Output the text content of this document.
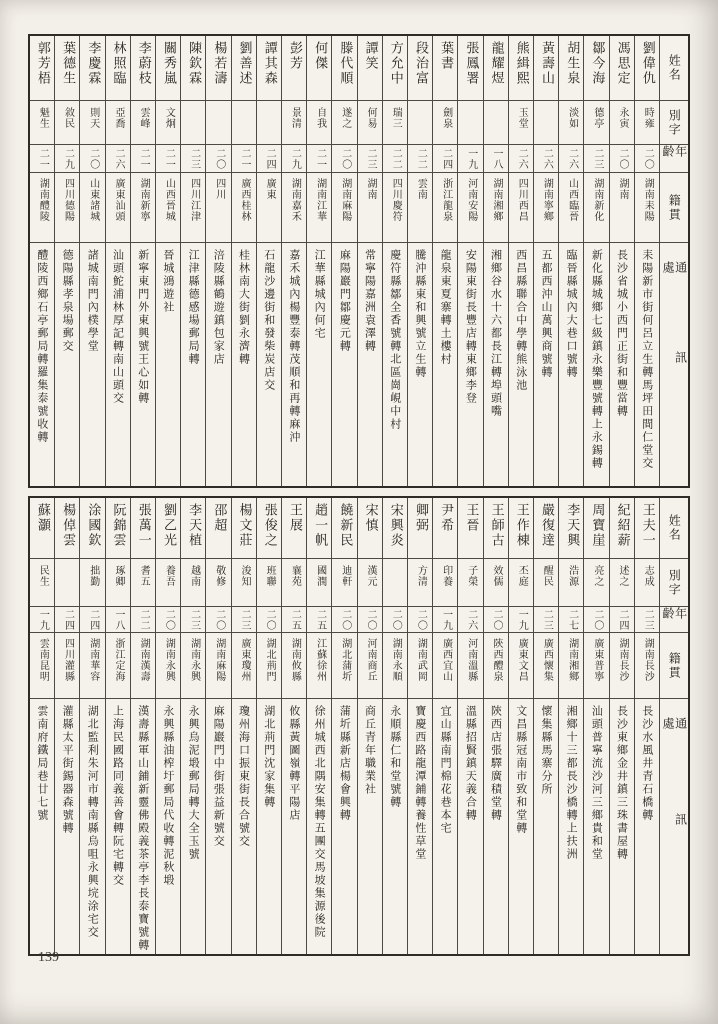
郭芳梧
魁生
二一
湖南醴陵
醴陵西鄉石亭郵局轉羅集泰號收轉
葉德生
敘民
二九
四川德陽
德陽縣孝泉場郵交
李慶霖
則天
二〇
山東諸城
諸城南門內樸學堂
林照臨
亞喬
二六
廣東汕頭
汕頭鮀浦林厚記轉南山頭交
李蔚枝
雲峰
二一
湖南新寧
新寧東門外東興號王心如轉
關秀嵐
文炯
二一
山西晉城
晉城鴻遊社
陳欽霖
二三
四川江津
江津縣德感場郵局轉
楊若濤
二〇
四川
涪陵縣鶴遊鎮包家店
劉善述
二一
廣西桂林
桂林南大街劉永濟轉
譚其森
二四
廣東
石龍沙邊街和發柴炭店交
彭芳
景清
二九
湖南嘉禾
嘉禾城內楊豐泰轉茂順和再轉麻沖
何傑
自我
二一
湖南江華
江華縣城內何宅
滕代順
遂之
二〇
湖南麻陽
麻陽巖門鄒慶元轉
譚笑
何易
二三
湖南
常寧陽嘉洲袁澤轉
方允中
瑞三
二二
四川慶符
慶符縣鄒全香號轉北區崗峴中村
段治富
二二
雲南
騰沖縣東和興號立生轉
葉書
劍泉
二四
浙江龍泉
龍泉東夏寨轉土樓村
張鳳署
一九
河南安陽
安陽東街長豐店轉東鄉李登
龍耀煜
一八
湖南湘鄉
湘鄉谷水十六都長江轉埠頭嘴
熊緝熙
玉堂
二六
四川西昌
西昌縣聯合中學轉熊泳池
黃壽山
二六
湖南寧鄉
五都西沖山萬興商號轉
胡生泉
淡如
二六
山西臨晉
臨晉縣城內大巷口號轉
鄒今海
德亭
二三
湖南新化
新化縣城鄉七級鎮永樂豐號轉上永錫轉
馮思定
永寅
二〇
湖南
長沙省城小西門正街和豐當轉
劉偉仇
時雍
二〇
湖南耒陽
耒陽新市街何呂立生轉馬坪田間仁堂交
姓名
別字
年齡
籍貫
通訊處
蘇灝
民生
一九
雲南昆明
雲南府鐵局巷廿七號
楊倬雲
二四
四川灌縣
灌縣太平街錫器森號轉
涂國欽
拙勤
二四
湖南華容
湖北監利朱河市轉南縣烏咀永興垸涂宅交
阮錦雲
琢卿
一八
浙江定海
上海民國路同義善會轉阮宅轉交
張萬一
耆五
二二
湖南漢壽
漢壽縣軍山鋪新靈佛殿義茶亭李長泰寶號轉
劉乙光
養吾
二〇
湖南永興
永興縣油榨圩郵局代收轉泥秋塅
李天植
越南
二三
湖南永興
永興烏泥塅郵局轉大全玉號
邵超
敬修
二〇
湖南麻陽
麻陽巖門中街張益新號交
楊文莊
浚知
二三
廣東瓊州
瓊州海口振東街長合號交
張俊之
班聯
二〇
湖北荊門
湖北荊門沈家集轉
王展
襄苑
二五
湖南攸縣
攸縣黃圖嶺轉平陽店
趙一帆
國潤
二五
江蘇徐州
徐州城西北隅安集轉五團交馬坡集源後院
饒新民
迪軒
二〇
湖北蒲圻
蒲圻縣新店楊會興轉
宋慎
漢元
二〇
河南商丘
商丘青年職業社
宋興炎
二〇
湖南永順
永順縣仁和堂號轉
卿弼
方清
二〇
湖南武岡
寶慶西路龍潭鋪轉養性草堂
尹希
印養
一九
廣西宜山
宜山縣南門棉花巷本宅
王晉
子榮
二六
河南溫縣
溫縣招賢鎮天義合轉
王師古
效儒
二〇
陝西醴泉
陝西店張驛廣積堂轉
王作棟
丕庭
一九
廣東文昌
文昌縣冠南市致和堂轉
嚴復達
醒民
二三
廣西懷集
懷集縣馬寨分所
李天興
浩源
二七
湖南湘鄉
湘鄉十三都長沙橋轉上扶洲
周寶崖
亮之
二〇
廣東普寧
汕頭普寧流沙河三鄉貴和堂
紀紹薪
述之
二四
湖南長沙
長沙東鄉金井鎮三珠書屋轉
王夫一
志成
二三
湖南長沙
長沙水風井青石橋轉
姓名
別字
年齡
籍貫
通訊處
139
